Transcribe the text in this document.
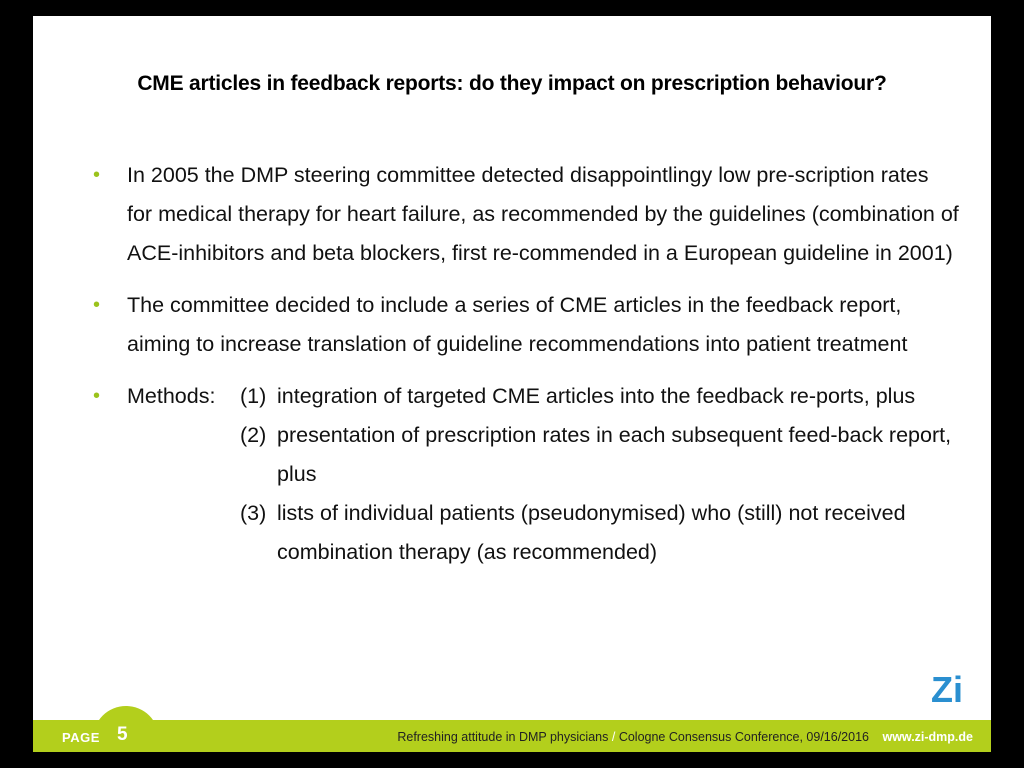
CME articles in feedback reports: do they impact on prescription behaviour?
• In 2005 the DMP steering committee detected disappointlingy low pre-scription rates for medical therapy for heart failure, as recommended by the guidelines (combination of ACE-inhibitors and beta blockers, first re-commended in a European guideline in 2001)
• The committee decided to include a series of CME articles in the feedback report, aiming to increase translation of guideline recommendations into patient treatment
• Methods:	(1) integration of targeted CME articles into the feedback re-ports, plus
(2) presentation of prescription rates in each subsequent feed-back report, plus
(3) lists of individual patients (pseudonymised) who (still) not received combination therapy (as recommended)
Zi
PAGE 5	Refreshing attitude in DMP physicians / Cologne Consensus Conference, 09/16/2016 www.zi-dmp.de
